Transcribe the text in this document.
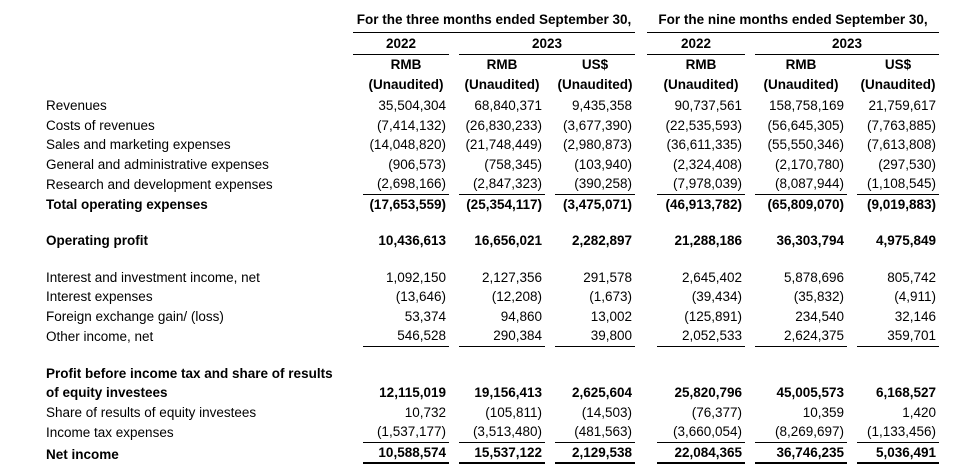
	For the three months ended September 30,				For the nine months ended September 30,		

	2022	2023			2022	2023	

	RMB	RMB	US$		RMB	RMB	US$
	(Unaudited)	(Unaudited)	(Unaudited)		(Unaudited)	(Unaudited)	(Unaudited)
Revenues	35,504,304	68,840,371	9,435,358		90,737,561	158,758,169	21,759,617

Costs of revenues	(7,414,132)	(26,830,233)	(3,677,390)		(22,535,593)	(56,645,305)	(7,763,885)

Sales and marketing expenses	(14,048,820)	(21,748,449)	(2,980,873)		(36,611,335)	(55,550,346)	(7,613,808)

General and administrative expenses	(906,573)	(758,345)	(103,940)		(2,324,408)	(2,170,780)	(297,530)

Research and development expenses	(2,698,166)	(2,847,323)	(390,258)		(7,978,039)	(8,087,944)	(1,108,545)

Total operating expenses	(17,653,559)	(25,354,117)	(3,475,071)		(46,913,782)	(65,809,070)	(9,019,883)

Operating profit	10,436,613	16,656,021	2,282,897		21,288,186	36,303,794	4,975,849

Interest and investment income, net	1,092,150	2,127,356	291,578		2,645,402	5,878,696	805,742

Interest expenses	(13,646)	(12,208)	(1,673)		(39,434)	(35,832)	(4,911)

Foreign exchange gain/ (loss)	53,374	94,860	13,002		(125,891)	234,540	32,146

Other income, net	546,528	290,384	39,800		2,052,533	2,624,375	359,701

Profit before income tax and share of results of equity investees	12,115,019	19,156,413	2,625,604		25,820,796	45,005,573	6,168,527

Share of results of equity investees	10,732	(105,811)	(14,503)		(76,377)	10,359	1,420

Income tax expenses	(1,537,177)	(3,513,480)	(481,563)		(3,660,054)	(8,269,697)	(1,133,456)

Net income	10,588,574	15,537,122	2,129,538		22,084,365	36,746,235	5,036,491
